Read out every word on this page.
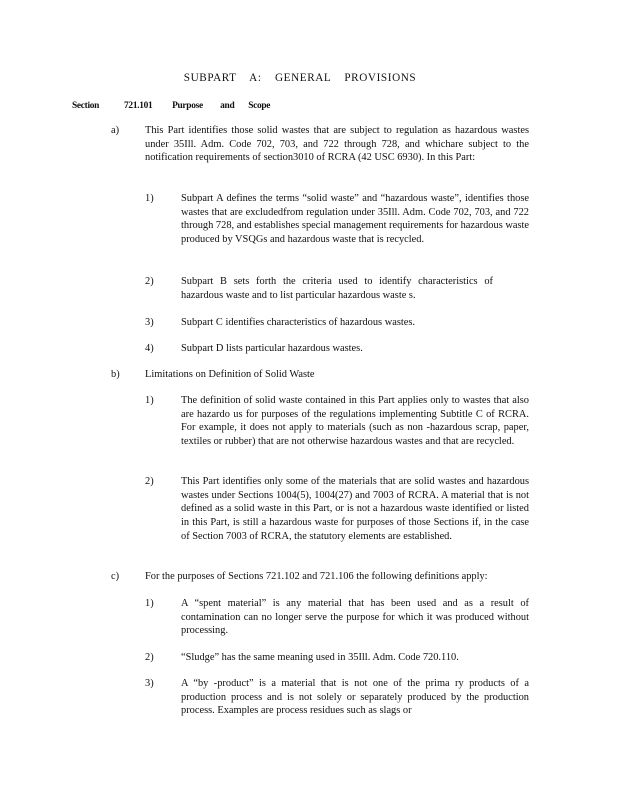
SUBPART A: GENERAL PROVISIONS
Section	721.101 Purpose and Scope
a) This Part identifies those solid wastes that are subject to regulation as hazardous wastes under 35Ill. Adm. Code 702, 703, and 722 through 728, and whichare subject to the notification requirements of section3010 of RCRA (42 USC 6930). In this Part:
1)	Subpart A defines the terms “solid waste” and “hazardous waste”, identifies those wastes that are excludedfrom regulation under 35Ill. Adm. Code 702, 703, and 722 through 728, and establishes special management requirements for hazardous waste produced by VSQGs and hazardous waste that is recycled.
2)	Subpart B sets forth the criteria used to identify characteristics of hazardous waste and to list particular hazardous waste s.
3)	Subpart C identifies characteristics of hazardous wastes.
4)	Subpart D lists particular hazardous wastes.
b) Limitations on Definition of Solid Waste
1)	The definition of solid waste contained in this Part applies only to wastes that also are hazardo us for purposes of the regulations implementing Subtitle C of RCRA. For example, it does not apply to materials (such as non -hazardous scrap, paper, textiles or rubber) that are not otherwise hazardous wastes and that are recycled.
2)	This Part identifies only some of the materials that are solid wastes and hazardous wastes under Sections 1004(5), 1004(27) and 7003 of RCRA. A material that is not defined as a solid waste in this Part, or is not a hazardous waste identified or listed in this Part, is still a hazardous waste for purposes of those Sections if, in the case of Section 7003 of RCRA, the statutory elements are established.
c) For the purposes of Sections 721.102 and 721.106 the following definitions apply:
1)	A “spent material” is any material that has been used and as a result of contamination can no longer serve the purpose for which it was produced without processing.
2)	“Sludge” has the same meaning used in 35Ill. Adm. Code 720.110.
3)	A “by -product” is a material that is not one of the prima ry products of a production process and is not solely or separately produced by the production process. Examples are process residues such as slags or
